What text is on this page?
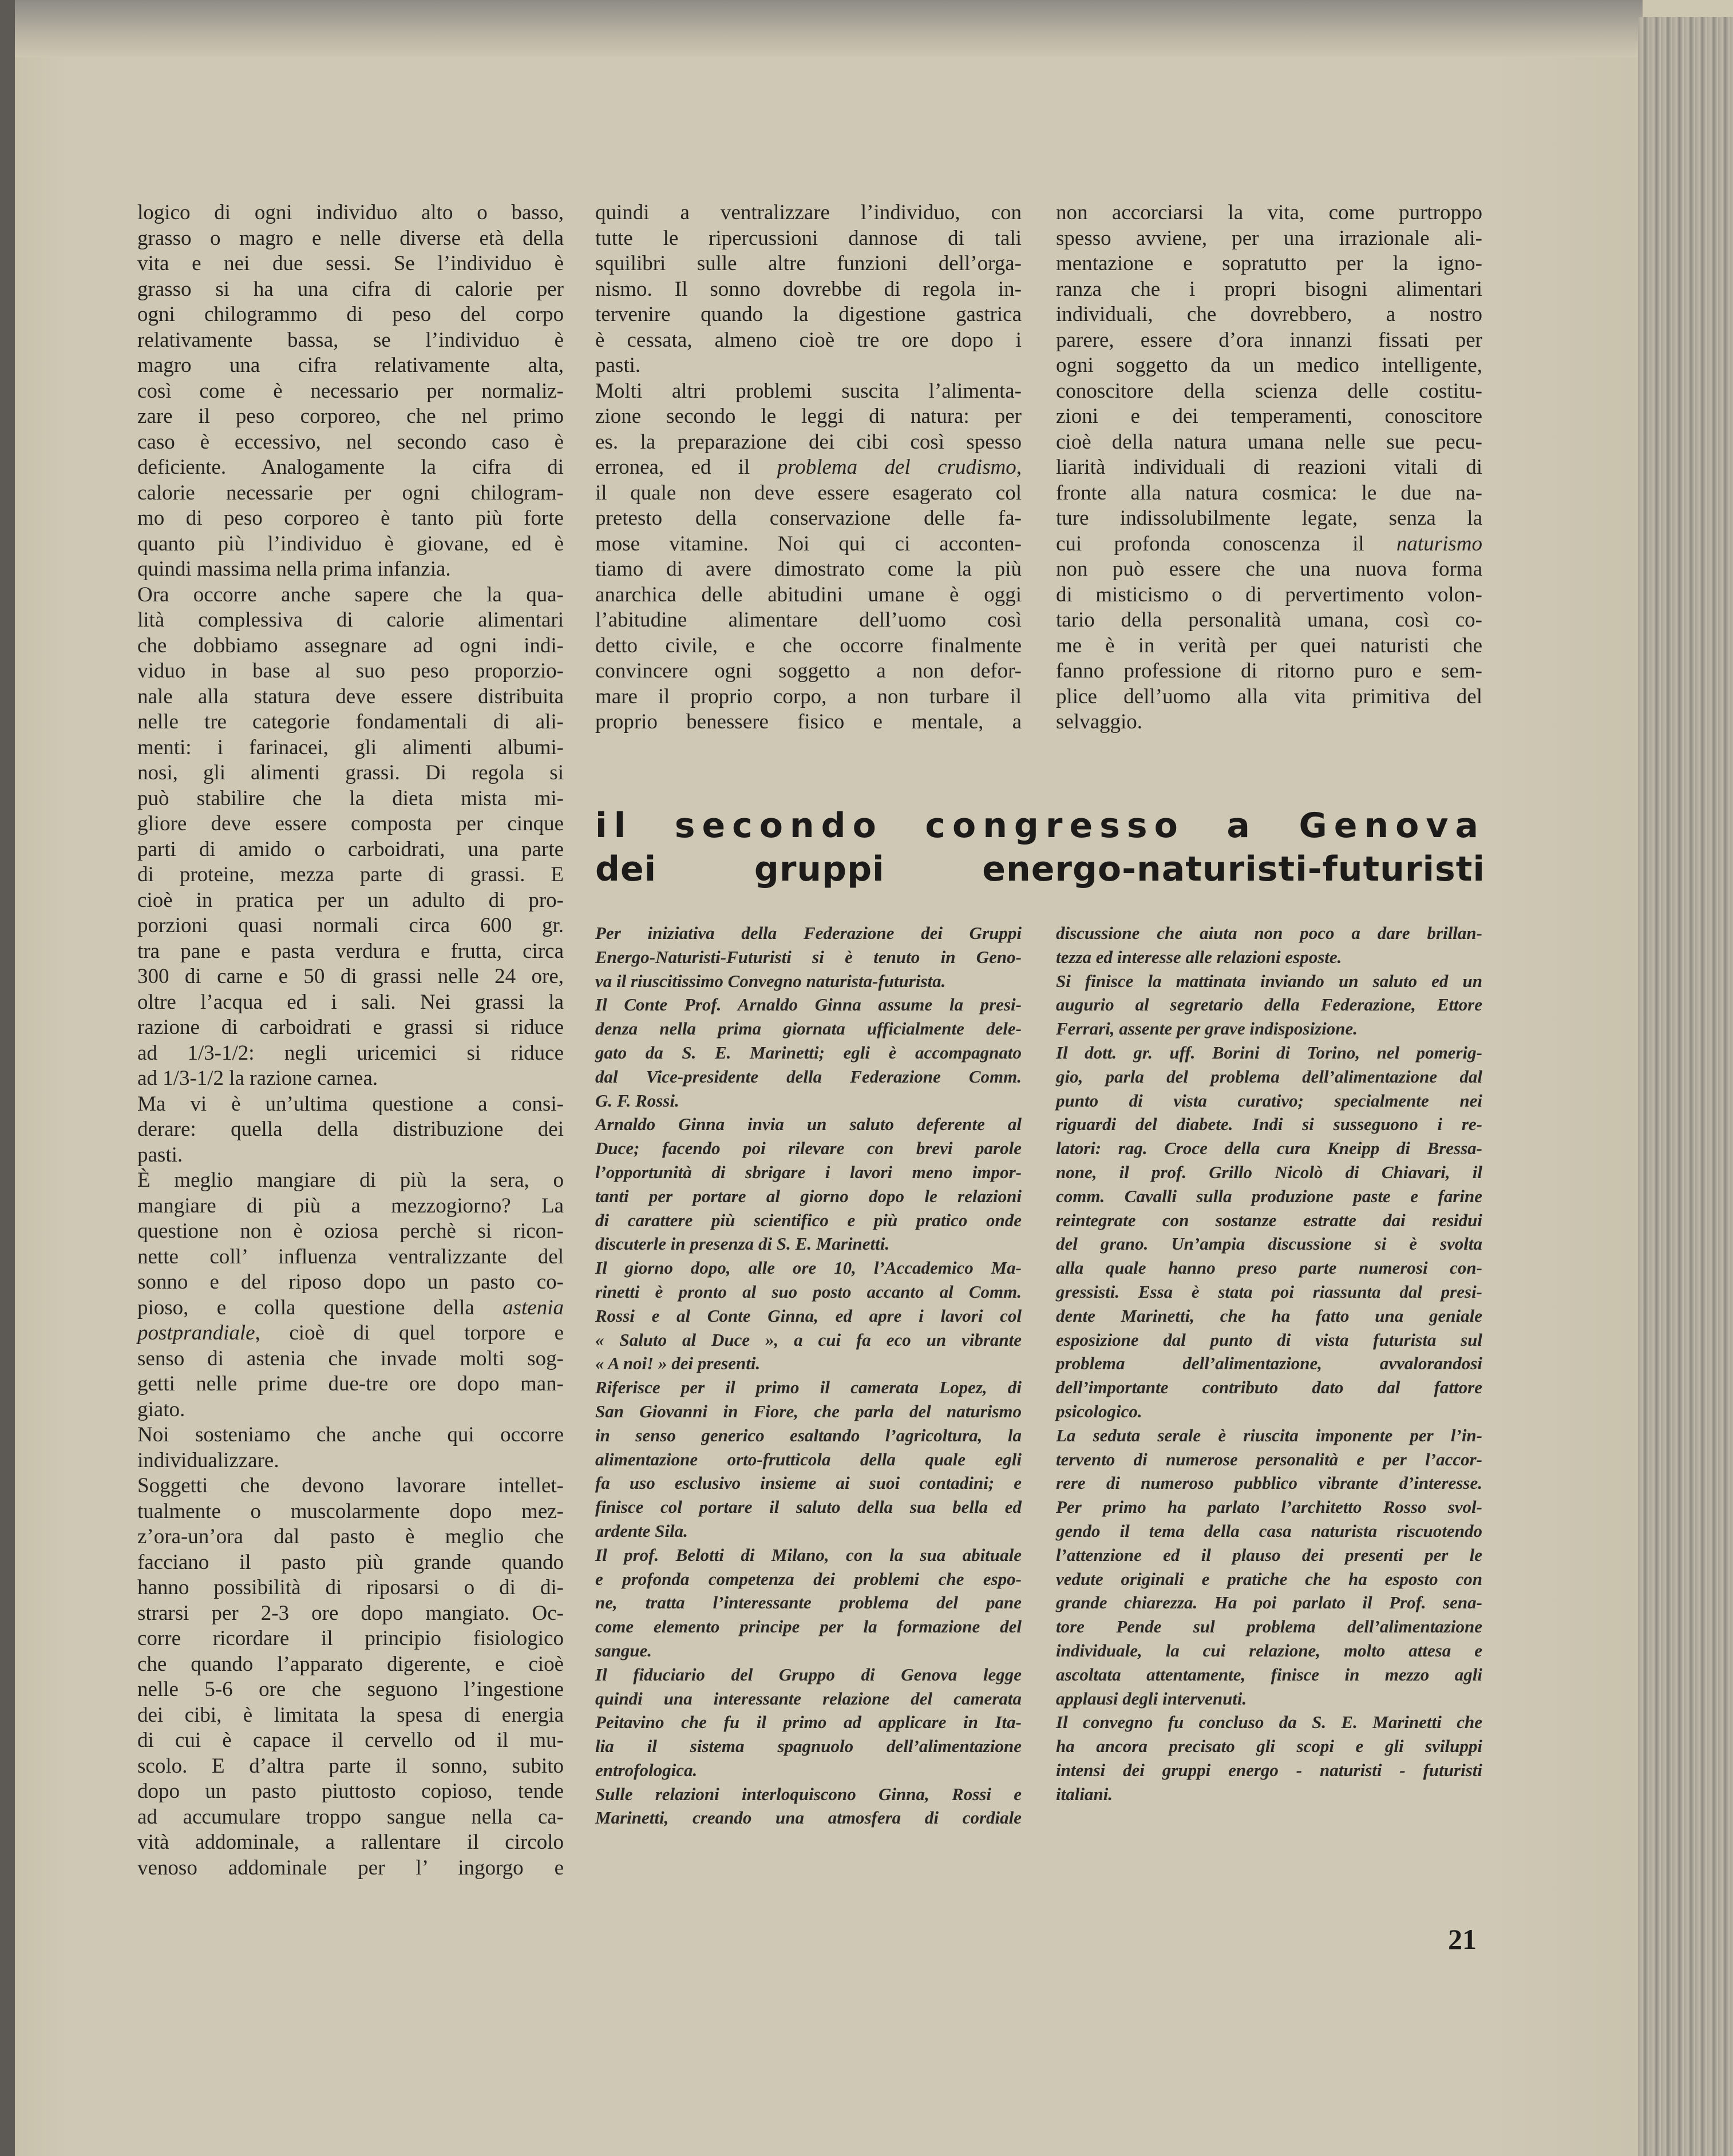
logico di ogni individuo alto o basso,
grasso o magro e nelle diverse età della
vita e nei due sessi. Se l’individuo è
grasso si ha una cifra di calorie per
ogni chilogrammo di peso del corpo
relativamente bassa, se l’individuo è
magro una cifra relativamente alta,
così come è necessario per normaliz-
zare il peso corporeo, che nel primo
caso è eccessivo, nel secondo caso è
deficiente. Analogamente la cifra di
calorie necessarie per ogni chilogram-
mo di peso corporeo è tanto più forte
quanto più l’individuo è giovane, ed è
quindi massima nella prima infanzia.
Ora occorre anche sapere che la qua-
lità complessiva di calorie alimentari
che dobbiamo assegnare ad ogni indi-
viduo in base al suo peso proporzio-
nale alla statura deve essere distribuita
nelle tre categorie fondamentali di ali-
menti: i farinacei, gli alimenti albumi-
nosi, gli alimenti grassi. Di regola si
può stabilire che la dieta mista mi-
gliore deve essere composta per cinque
parti di amido o carboidrati, una parte
di proteine, mezza parte di grassi. E
cioè in pratica per un adulto di pro-
porzioni quasi normali circa 600 gr.
tra pane e pasta verdura e frutta, circa
300 di carne e 50 di grassi nelle 24 ore,
oltre l’acqua ed i sali. Nei grassi la
razione di carboidrati e grassi si riduce
ad 1/3-1/2: negli uricemici si riduce
ad 1/3-1/2 la razione carnea.
Ma vi è un’ultima questione a consi-
derare: quella della distribuzione dei
pasti.
È meglio mangiare di più la sera, o
mangiare di più a mezzogiorno? La
questione non è oziosa perchè si ricon-
nette coll’ influenza ventralizzante del
sonno e del riposo dopo un pasto co-
pioso, e colla questione della astenia
postprandiale, cioè di quel torpore e
senso di astenia che invade molti sog-
getti nelle prime due-tre ore dopo man-
giato.
Noi sosteniamo che anche qui occorre
individualizzare.
Soggetti che devono lavorare intellet-
tualmente o muscolarmente dopo mez-
z’ora-un’ora dal pasto è meglio che
facciano il pasto più grande quando
hanno possibilità di riposarsi o di di-
strarsi per 2-3 ore dopo mangiato. Oc-
corre ricordare il principio fisiologico
che quando l’apparato digerente, e cioè
nelle 5-6 ore che seguono l’ingestione
dei cibi, è limitata la spesa di energia
di cui è capace il cervello od il mu-
scolo. E d’altra parte il sonno, subito
dopo un pasto piuttosto copioso, tende
ad accumulare troppo sangue nella ca-
vità addominale, a rallentare il circolo
venoso addominale per l’ ingorgo e
quindi a ventralizzare l’individuo, con
tutte le ripercussioni dannose di tali
squilibri sulle altre funzioni dell’orga-
nismo. Il sonno dovrebbe di regola in-
tervenire quando la digestione gastrica
è cessata, almeno cioè tre ore dopo i
pasti.
Molti altri problemi suscita l’alimenta-
zione secondo le leggi di natura: per
es. la preparazione dei cibi così spesso
erronea, ed il problema del crudismo,
il quale non deve essere esagerato col
pretesto della conservazione delle fa-
mose vitamine. Noi qui ci acconten-
tiamo di avere dimostrato come la più
anarchica delle abitudini umane è oggi
l’abitudine alimentare dell’uomo così
detto civile, e che occorre finalmente
convincere ogni soggetto a non defor-
mare il proprio corpo, a non turbare il
proprio benessere fisico e mentale, a
non accorciarsi la vita, come purtroppo
spesso avviene, per una irrazionale ali-
mentazione e sopratutto per la igno-
ranza che i propri bisogni alimentari
individuali, che dovrebbero, a nostro
parere, essere d’ora innanzi fissati per
ogni soggetto da un medico intelligente,
conoscitore della scienza delle costitu-
zioni e dei temperamenti, conoscitore
cioè della natura umana nelle sue pecu-
liarità individuali di reazioni vitali di
fronte alla natura cosmica: le due na-
ture indissolubilmente legate, senza la
cui profonda conoscenza il naturismo
non può essere che una nuova forma
di misticismo o di pervertimento volon-
tario della personalità umana, così co-
me è in verità per quei naturisti che
fanno professione di ritorno puro e sem-
plice dell’uomo alla vita primitiva del
selvaggio.
il secondo congresso a Genova
dei gruppi energo-naturisti-futuristi
Per iniziativa della Federazione dei Gruppi
Energo-Naturisti-Futuristi si è tenuto in Geno-
va il riuscitissimo Convegno naturista-futurista.
Il Conte Prof. Arnaldo Ginna assume la presi-
denza nella prima giornata ufficialmente dele-
gato da S. E. Marinetti; egli è accompagnato
dal Vice-presidente della Federazione Comm.
G. F. Rossi.
Arnaldo Ginna invia un saluto deferente al
Duce; facendo poi rilevare con brevi parole
l’opportunità di sbrigare i lavori meno impor-
tanti per portare al giorno dopo le relazioni
di carattere più scientifico e più pratico onde
discuterle in presenza di S. E. Marinetti.
Il giorno dopo, alle ore 10, l’Accademico Ma-
rinetti è pronto al suo posto accanto al Comm.
Rossi e al Conte Ginna, ed apre i lavori col
« Saluto al Duce », a cui fa eco un vibrante
« A noi! » dei presenti.
Riferisce per il primo il camerata Lopez, di
San Giovanni in Fiore, che parla del naturismo
in senso generico esaltando l’agricoltura, la
alimentazione orto-frutticola della quale egli
fa uso esclusivo insieme ai suoi contadini; e
finisce col portare il saluto della sua bella ed
ardente Sila.
Il prof. Belotti di Milano, con la sua abituale
e profonda competenza dei problemi che espo-
ne, tratta l’interessante problema del pane
come elemento principe per la formazione del
sangue.
Il fiduciario del Gruppo di Genova legge
quindi una interessante relazione del camerata
Peitavino che fu il primo ad applicare in Ita-
lia il sistema spagnuolo dell’alimentazione
entrofologica.
Sulle relazioni interloquiscono Ginna, Rossi e
Marinetti, creando una atmosfera di cordiale
discussione che aiuta non poco a dare brillan-
tezza ed interesse alle relazioni esposte.
Si finisce la mattinata inviando un saluto ed un
augurio al segretario della Federazione, Ettore
Ferrari, assente per grave indisposizione.
Il dott. gr. uff. Borini di Torino, nel pomerig-
gio, parla del problema dell’alimentazione dal
punto di vista curativo; specialmente nei
riguardi del diabete. Indi si susseguono i re-
latori: rag. Croce della cura Kneipp di Bressa-
none, il prof. Grillo Nicolò di Chiavari, il
comm. Cavalli sulla produzione paste e farine
reintegrate con sostanze estratte dai residui
del grano. Un’ampia discussione si è svolta
alla quale hanno preso parte numerosi con-
gressisti. Essa è stata poi riassunta dal presi-
dente Marinetti, che ha fatto una geniale
esposizione dal punto di vista futurista sul
problema dell’alimentazione, avvalorandosi
dell’importante contributo dato dal fattore
psicologico.
La seduta serale è riuscita imponente per l’in-
tervento di numerose personalità e per l’accor-
rere di numeroso pubblico vibrante d’interesse.
Per primo ha parlato l’architetto Rosso svol-
gendo il tema della casa naturista riscuotendo
l’attenzione ed il plauso dei presenti per le
vedute originali e pratiche che ha esposto con
grande chiarezza. Ha poi parlato il Prof. sena-
tore Pende sul problema dell’alimentazione
individuale, la cui relazione, molto attesa e
ascoltata attentamente, finisce in mezzo agli
applausi degli intervenuti.
Il convegno fu concluso da S. E. Marinetti che
ha ancora precisato gli scopi e gli sviluppi
intensi dei gruppi energo - naturisti - futuristi
italiani.
21
